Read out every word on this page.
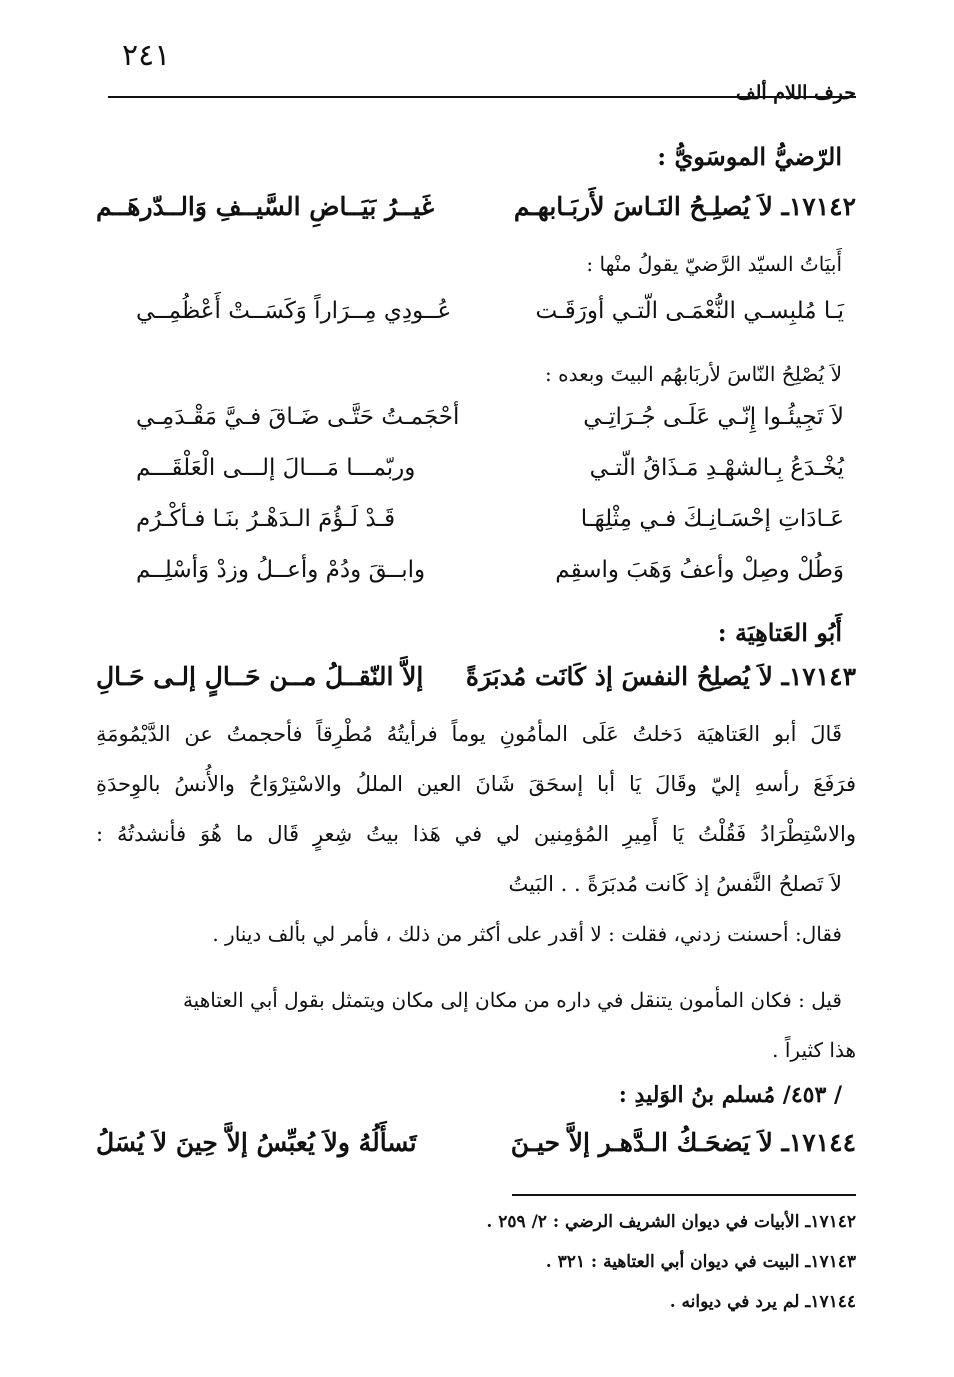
٢٤١
حرف اللام ألف
الرّضيُّ الموسَويُّ :
١٧١٤٢ـ لاَ يُصلِـحُ النَـاسَ لأَربَـابهـم
غَيــرُ بَيَــاضِ السَّيــفِ وَالــدّرهَــم
أَبيَاتُ السيّد الرَّضيّ يقولُ منْها :
يَـا مُلبِسـي النُّعْمَـى الّتـي أورَقَـت
عُــودِي مِــرَاراً وَكَسَــتْ أَعْظُمِــي
لاَ يُصْلِحُ النّاسَ لأربَابهُم البيتَ وبعده :
لاَ تَجِيئُـوا إِنّـي عَلَـى جُـرَاتِـي
أحْجَمـتُ حَتَّـى ضَـاقَ فـيَّ مَقْـدَمِـي
يُخْـدَعُ بِـالشهْـدِ مَـذَاقُ الّتـي
وربّمـــا مَـــالَ إلـــى الْعَلْقَـــم
عَـادَاتِ إحْسَـانِـكَ فـي مِثْلِهَـا
قَـدْ لَـؤُمَ الـدَهْـرُ بنَـا فـأكْـرُم
وَطُلْ وصِلْ وأعفُ وَهَبَ واسقِم
وابــقَ ودُمْ وأعــلُ وزدْ وَأسْلِــم
أَبُو العَتاهِيَة :
١٧١٤٣ـ لاَ يُصلِحُ النفسَ إذ كَانَت مُدبَرَةً
إلاَّ النّقــلُ مــن حَــالٍ إلـى حَـالِ
قَالَ أبو العَتاهيَة دَخلتُ عَلَى المأمُونِ يوماً فرأيتُهُ مُطْرِقاً فأحجمتُ عن الدَّيْمُومَةِ
فرَفَعَ رأسهِ إليّ وقَالَ يَا أبا إسحَقَ شَانَ العين المللُ والاسْتِرْوَاحُ والأُنسُ بالوِحدَةِ
والاسْتِطْرَادُ فَقُلْتُ يَا أَمِيرِ المُؤمِنين لي في هَذا بيتُ شِعرٍ قَال ما هُوَ فأنشدتُهُ :
لاَ تَصلحُ النَّفسُ إذ كَانت مُدبَرَةً . . البَيتُ
فقال: أحسنت زدني، فقلت : لا أقدر على أكثر من ذلك ، فأمر لي بألف دينار .
قيل : فكان المأمون يتنقل في داره من مكان إلى مكان ويتمثل بقول أبي العتاهية
هذا كثيراً .
/ ٤٥٣/ مُسلم بنُ الوَليدِ :
١٧١٤٤ـ لاَ يَضحَـكُ الـدَّهـر إلاَّ حيـنَ
تَسأَلُهُ ولاَ يُعبِّسُ إلاَّ حِينَ لاَ يُسَلُ
١٧١٤٢ـ الأبيات في ديوان الشريف الرضي : ٢/ ٢٥٩ .
١٧١٤٣ـ البيت في ديوان أبي العتاهية : ٣٢١ .
١٧١٤٤ـ لم يرد في ديوانه .
